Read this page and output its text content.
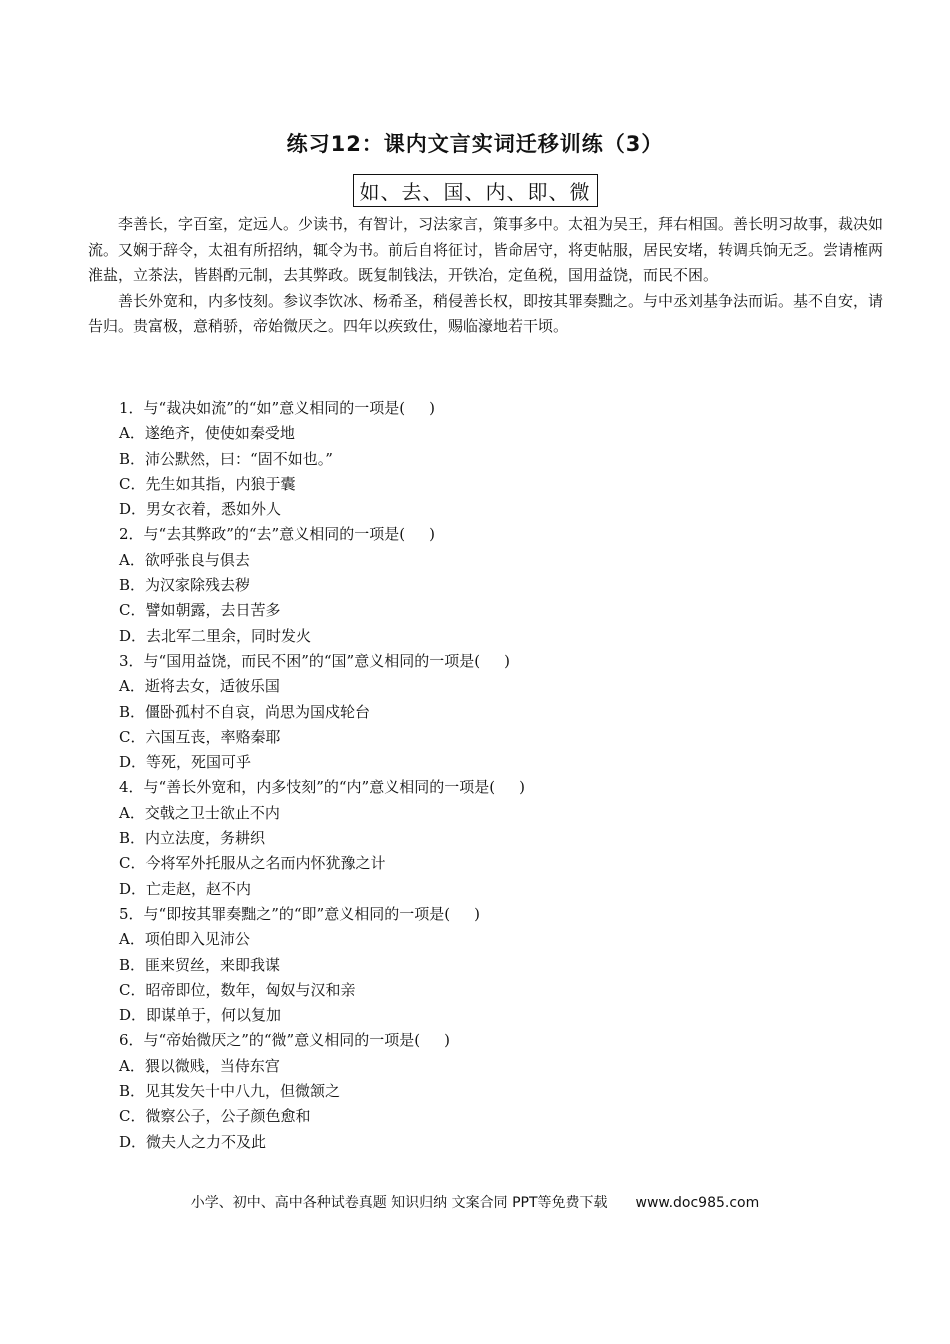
练习12：课内文言实词迁移训练（3）
如、去、国、内、即、微

李善长，字百室，定远人。少读书，有智计，习法家言，策事多中。太祖为吴王，拜右相国。善长明习故事，裁决如流。又娴于辞令，太祖有所招纳，辄令为书。前后自将征讨，皆命居守，将吏帖服，居民安堵，转调兵饷无乏。尝请榷两淮盐，立茶法，皆斟酌元制，去其弊政。既复制钱法，开铁冶，定鱼税，国用益饶，而民不困。

善长外宽和，内多忮刻。参议李饮冰、杨希圣，稍侵善长权，即按其罪奏黜之。与中丞刘基争法而诟。基不自安，请告归。贵富极，意稍骄，帝始微厌之。四年以疾致仕，赐临濠地若干顷。

1．与“裁决如流”的“如”意义相同的一项是( )
A．遂绝齐，使使如秦受地
B．沛公默然，曰：“固不如也。”
C．先生如其指，内狼于囊
D．男女衣着，悉如外人
2．与“去其弊政”的“去”意义相同的一项是( )
A．欲呼张良与俱去
B．为汉家除残去秽
C．譬如朝露，去日苦多
D．去北军二里余，同时发火
3．与“国用益饶，而民不困”的“国”意义相同的一项是( )
A．逝将去女，适彼乐国
B．僵卧孤村不自哀，尚思为国戍轮台
C．六国互丧，率赂秦耶
D．等死，死国可乎
4．与“善长外宽和，内多忮刻”的“内”意义相同的一项是( )
A．交戟之卫士欲止不内
B．内立法度，务耕织
C．今将军外托服从之名而内怀犹豫之计
D．亡走赵，赵不内
5．与“即按其罪奏黜之”的“即”意义相同的一项是( )
A．项伯即入见沛公
B．匪来贸丝，来即我谋
C．昭帝即位，数年，匈奴与汉和亲
D．即谋单于，何以复加
6．与“帝始微厌之”的“微”意义相同的一项是( )
A．猥以微贱，当侍东宫
B．见其发矢十中八九，但微颔之
C．微察公子，公子颜色愈和
D．微夫人之力不及此
小学、初中、高中各种试卷真题 知识归纳 文案合同 PPT等免费下载 www.doc985.com
